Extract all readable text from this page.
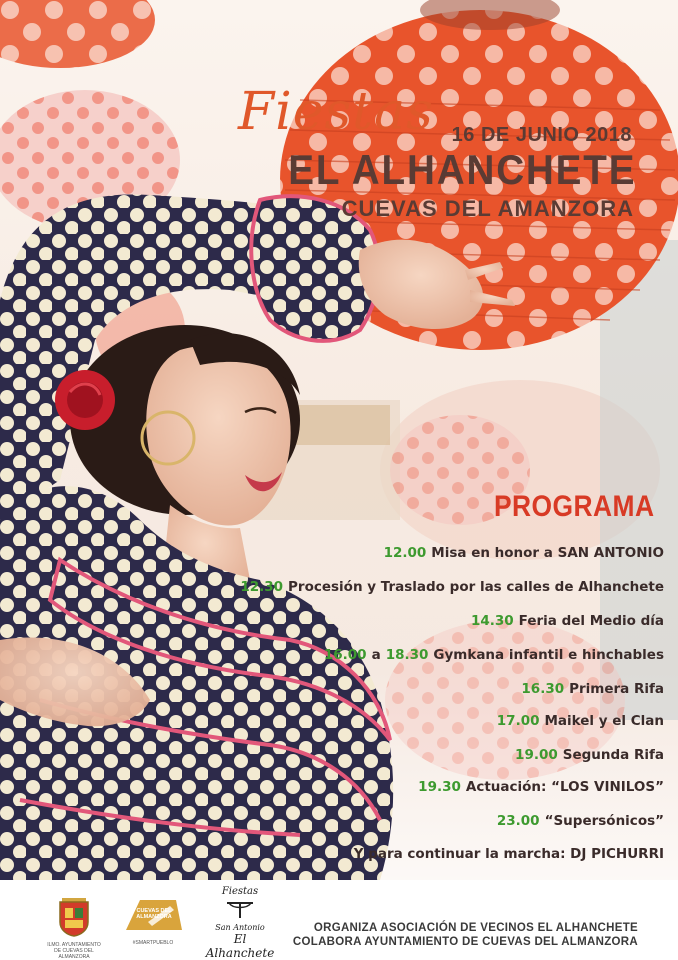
Fiestas 16 DE JUNIO 2018
EL ALHANCHETE
CUEVAS DEL AMANZORA
PROGRAMA
12.00 Misa en honor a SAN ANTONIO
12.30 Procesión y Traslado por las calles de Alhanchete
14.30 Feria del Medio día
16.00 a 18.30 Gymkana infantil e hinchables
16.30 Primera Rifa
17.00 Maikel y el Clan
19.00 Segunda Rifa
19.30 Actuación: “LOS VINILOS”
23.00 “Supersónicos”
Y para continuar la marcha: DJ PICHURRI
ILMO. AYUNTAMIENTO DE CUEVAS DEL ALMANZORA
CUEVAS DEL ALMANZORA
#SMARTPUEBLO
Fiestas
San Antonio
El Alhanchete
ORGANIZA ASOCIACIÓN DE VECINOS EL ALHANCHETE
COLABORA AYUNTAMIENTO DE CUEVAS DEL ALMANZORA
